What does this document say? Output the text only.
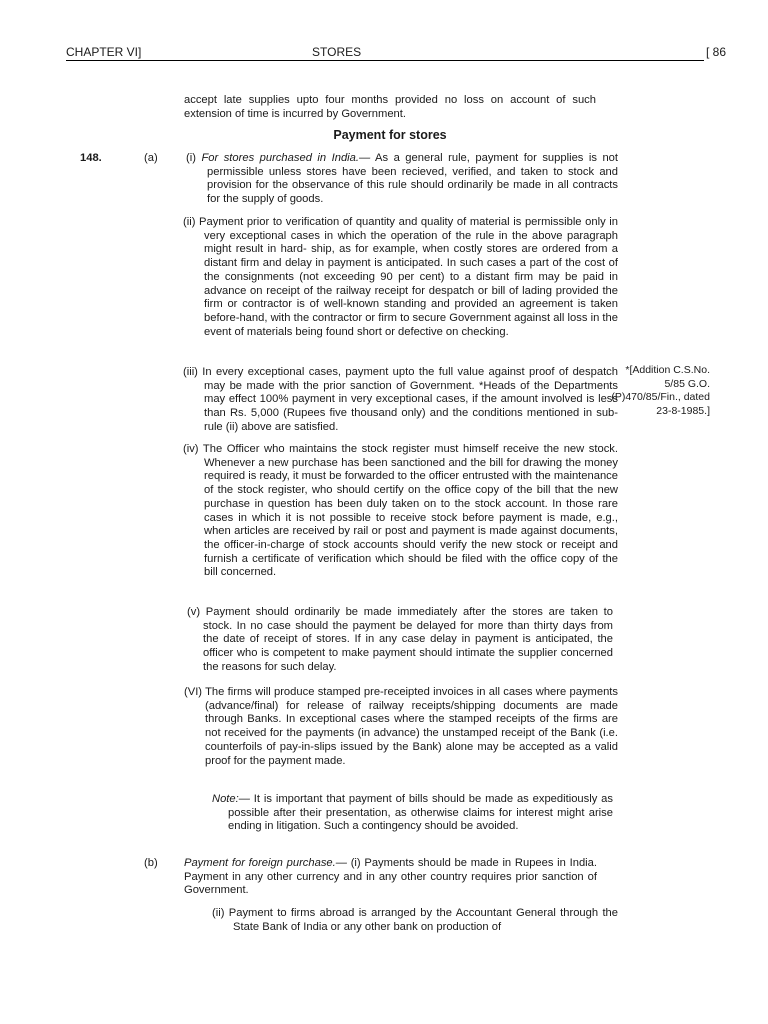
CHAPTER VI]	STORES	[ 86
accept late supplies upto four months provided no loss on account of such extension of time is incurred by Government.
Payment for stores
148.	(a)
(b)
(i) For stores purchased in India.— As a general rule, payment for supplies is not permissible unless stores have been recieved, verified, and taken to stock and provision for the observance of this rule should ordinarily be made in all contracts for the supply of goods.
(ii) Payment prior to verification of quantity and quality of material is permissible only in very exceptional cases in which the operation of the rule in the above paragraph might result in hard- ship, as for example, when costly stores are ordered from a distant firm and delay in payment is anticipated. In such cases a part of the cost of the consignments (not exceeding 90 per cent) to a distant firm may be paid in advance on receipt of the railway receipt for despatch or bill of lading provided the firm or contractor is of well-known standing and provided an agreement is taken before-hand, with the contractor or firm to secure Government against all loss in the event of materials being found short or defective on checking.
(iii) In every exceptional cases, payment upto the full value against proof of despatch may be made with the prior sanction of Government. *Heads of the Departments may effect 100% payment in very exceptional cases, if the amount involved is less than Rs. 5,000 (Rupees five thousand only) and the conditions mentioned in sub-rule (ii) above are satisfied.
*[Addition C.S.No. 5/85 G.O.(P)470/85/Fin., dated 23-8-1985.]
(iv) The Officer who maintains the stock register must himself receive the new stock. Whenever a new purchase has been sanctioned and the bill for drawing the money required is ready, it must be forwarded to the officer entrusted with the maintenance of the stock register, who should certify on the office copy of the bill that the new purchase in question has been duly taken on to the stock account. In those rare cases in which it is not possible to receive stock before payment is made, e.g., when articles are received by rail or post and payment is made against documents, the officer-in-charge of stock accounts should verify the new stock or receipt and furnish a certificate of verification which should be filed with the office copy of the bill concerned.
(v) Payment should ordinarily be made immediately after the stores are taken to stock. In no case should the payment be delayed for more than thirty days from the date of receipt of stores. If in any case delay in payment is anticipated, the officer who is competent to make payment should intimate the supplier concerned the reasons for such delay.
(VI) The firms will produce stamped pre-receipted invoices in all cases where payments (advance/final) for release of railway receipts/shipping documents are made through Banks. In exceptional cases where the stamped receipts of the firms are not received for the payments (in advance) the unstamped receipt of the Bank (i.e. counterfoils of pay-in-slips issued by the Bank) alone may be accepted as a valid proof for the payment made.
Note:— It is important that payment of bills should be made as expeditiously as possible after their presentation, as otherwise claims for interest might arise ending in litigation. Such a contingency should be avoided.
Payment for foreign purchase.— (i) Payments should be made in Rupees in India. Payment in any other currency and in any other country requires prior sanction of Government.
(ii) Payment to firms abroad is arranged by the Accountant General through the State Bank of India or any other bank on production of
